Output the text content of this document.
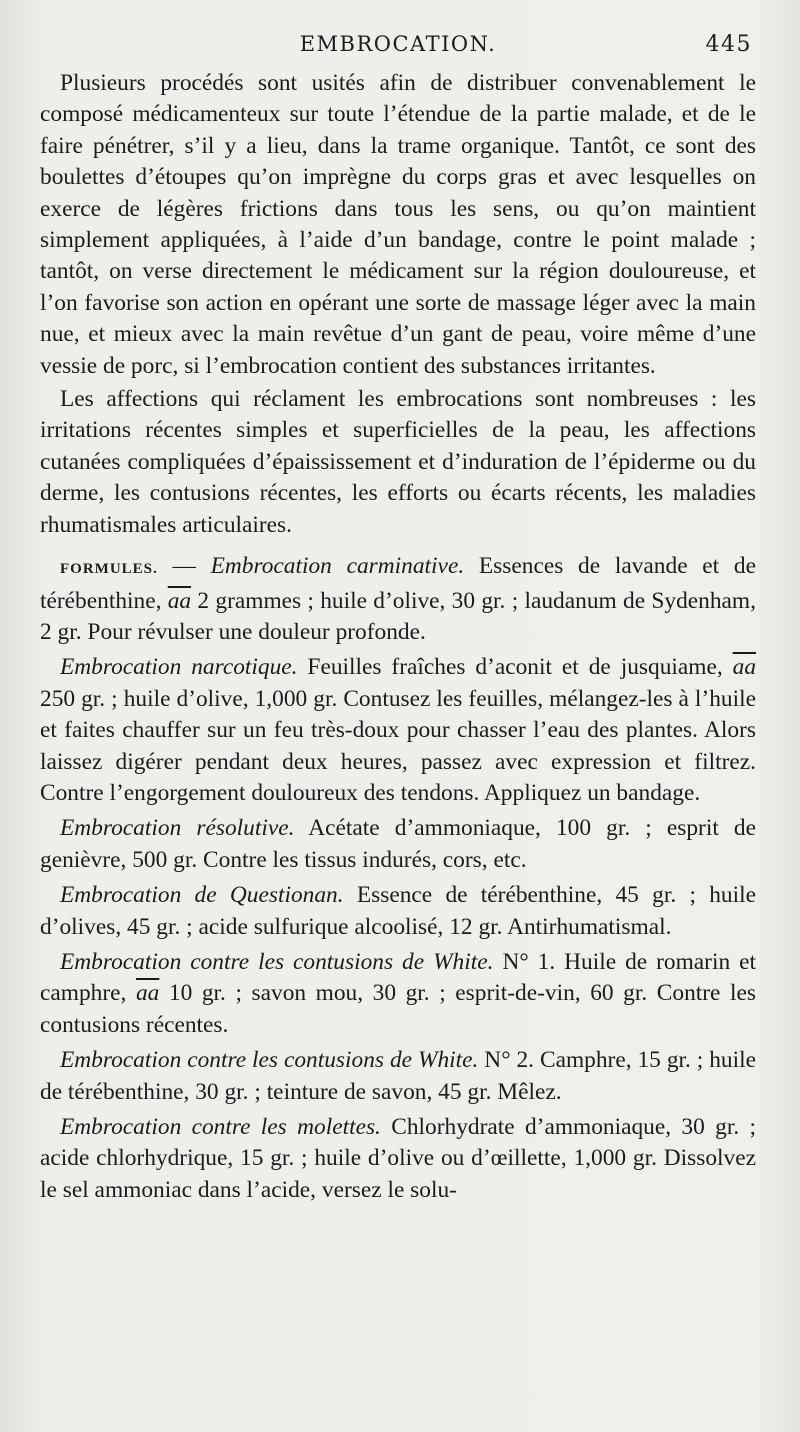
EMBROCATION.	445

Plusieurs procédés sont usités afin de distribuer convenablement le composé médicamenteux sur toute l’étendue de la partie malade, et de le faire pénétrer, s’il y a lieu, dans la trame organique. Tantôt, ce sont des boulettes d’étoupes qu’on imprègne du corps gras et avec lesquelles on exerce de légères frictions dans tous les sens, ou qu’on maintient simplement appliquées, à l’aide d’un bandage, contre le point malade ; tantôt, on verse directement le médicament sur la région douloureuse, et l’on favorise son action en opérant une sorte de massage léger avec la main nue, et mieux avec la main revêtue d’un gant de peau, voire même d’une vessie de porc, si l’embrocation contient des substances irritantes.

Les affections qui réclament les embrocations sont nombreuses : les irritations récentes simples et superficielles de la peau, les affections cutanées compliquées d’épaississement et d’induration de l’épiderme ou du derme, les contusions récentes, les efforts ou écarts récents, les maladies rhumatismales articulaires.

FORMULES. — Embrocation carminative. Essences de lavande et de térébenthine, $\overline{aa}$ 2 grammes ; huile d’olive, 30 gr. ; laudanum de Sydenham, 2 gr. Pour révulser une douleur profonde.

Embrocation narcotique. Feuilles fraîches d’aconit et de jusquiame, $\overline{aa}$ 250 gr. ; huile d’olive, 1,000 gr. Contusez les feuilles, mélangez-les à l’huile et faites chauffer sur un feu très-doux pour chasser l’eau des plantes. Alors laissez digérer pendant deux heures, passez avec expression et filtrez. Contre l’engorgement douloureux des tendons. Appliquez un bandage.

Embrocation résolutive. Acétate d’ammoniaque, 100 gr. ; esprit de genièvre, 500 gr. Contre les tissus indurés, cors, etc.

Embrocation de Questionan. Essence de térébenthine, 45 gr. ; huile d’olives, 45 gr. ; acide sulfurique alcoolisé, 12 gr. Antirhumatismal.

Embrocation contre les contusions de White. N° 1. Huile de romarin et camphre, $\overline{aa}$ 10 gr. ; savon mou, 30 gr. ; esprit-de-vin, 60 gr. Contre les contusions récentes.

Embrocation contre les contusions de White. N° 2. Camphre, 15 gr. ; huile de térébenthine, 30 gr. ; teinture de savon, 45 gr. Mêlez.

Embrocation contre les molettes. Chlorhydrate d’ammoniaque, 30 gr. ; acide chlorhydrique, 15 gr. ; huile d’olive ou d’œillette, 1,000 gr. Dissolvez le sel ammoniac dans l’acide, versez le solu-
